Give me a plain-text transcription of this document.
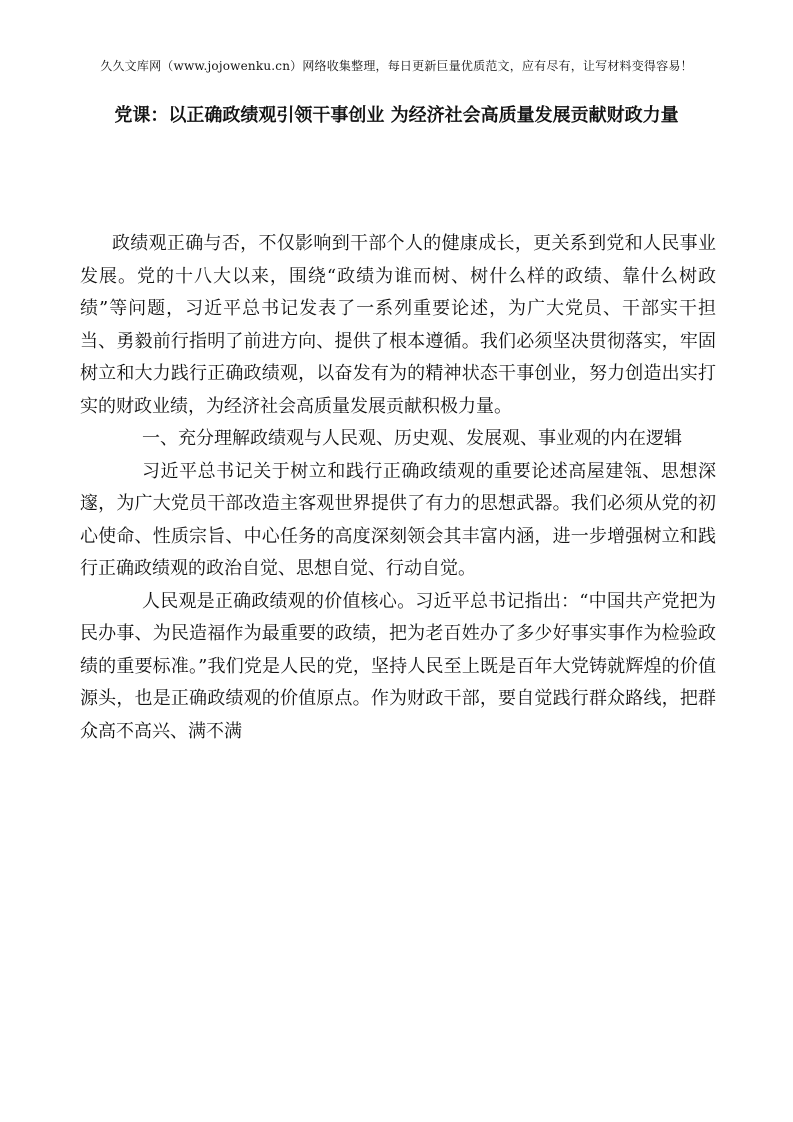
久久文库网（www.jojowenku.cn）网络收集整理，每日更新巨量优质范文，应有尽有，让写材料变得容易！
党课：以正确政绩观引领干事创业 为经济社会高质量发展贡献财政力量

政绩观正确与否，不仅影响到干部个人的健康成长，更关系到党和人民事业发展。党的十八大以来，围绕“政绩为谁而树、树什么样的政绩、靠什么树政绩”等问题，习近平总书记发表了一系列重要论述，为广大党员、干部实干担当、勇毅前行指明了前进方向、提供了根本遵循。我们必须坚决贯彻落实，牢固树立和大力践行正确政绩观，以奋发有为的精神状态干事创业，努力创造出实打实的财政业绩，为经济社会高质量发展贡献积极力量。

一、充分理解政绩观与人民观、历史观、发展观、事业观的内在逻辑

习近平总书记关于树立和践行正确政绩观的重要论述高屋建瓴、思想深邃，为广大党员干部改造主客观世界提供了有力的思想武器。我们必须从党的初心使命、性质宗旨、中心任务的高度深刻领会其丰富内涵，进一步增强树立和践行正确政绩观的政治自觉、思想自觉、行动自觉。

人民观是正确政绩观的价值核心。习近平总书记指出：“中国共产党把为民办事、为民造福作为最重要的政绩，把为老百姓办了多少好事实事作为检验政绩的重要标准。”我们党是人民的党，坚持人民至上既是百年大党铸就辉煌的价值源头，也是正确政绩观的价值原点。作为财政干部，要自觉践行群众路线，把群众高不高兴、满不满
